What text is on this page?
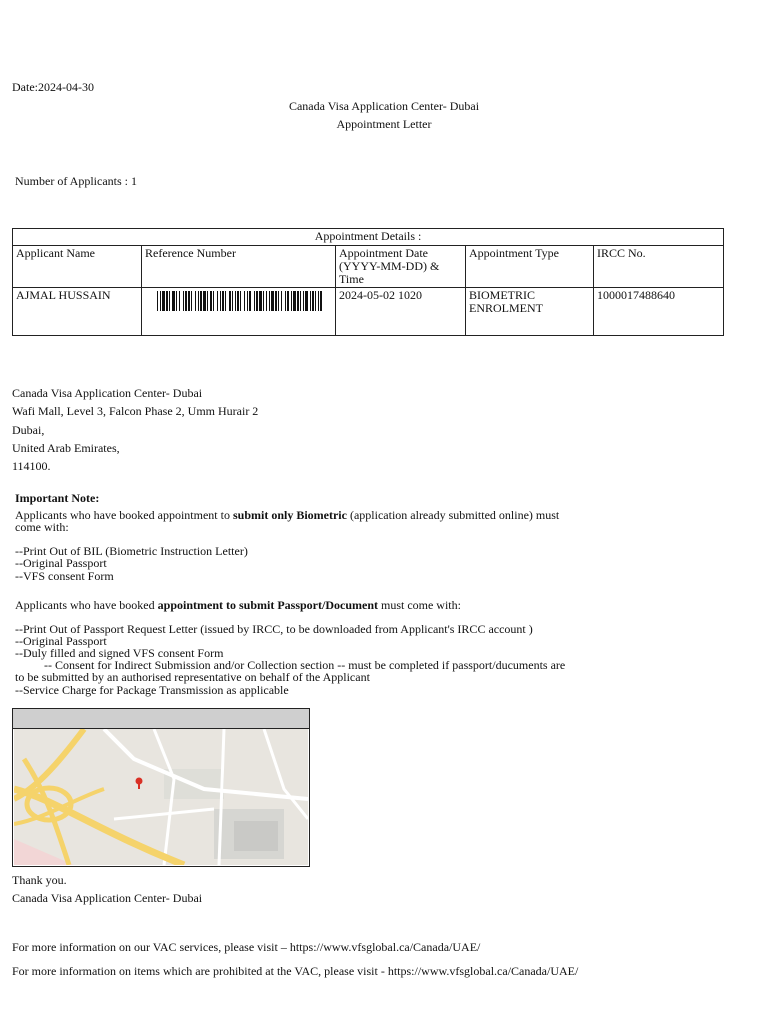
Date:2024-04-30
Canada Visa Application Center- Dubai
Appointment Letter
Number of Applicants : 1
Appointment Details :				
Applicant Name	Reference Number	Appointment Date (YYYY-MM-DD) & Time	Appointment Type	IRCC No.
AJMAL HUSSAIN		2024-05-02 1020	BIOMETRIC ENROLMENT	1000017488640
Canada Visa Application Center- Dubai
Wafi Mall, Level 3, Falcon Phase 2, Umm Hurair 2
Dubai,
United Arab Emirates,
114100.
Important Note:
Applicants who have booked appointment to submit only Biometric (application already submitted online) must
come with:
--Print Out of BIL (Biometric Instruction Letter)
--Original Passport
--VFS consent Form
Applicants who have booked appointment to submit Passport/Document must come with:
--Print Out of Passport Request Letter (issued by IRCC, to be downloaded from Applicant's IRCC account )
--Original Passport
--Duly filled and signed VFS consent Form
-- Consent for Indirect Submission and/or Collection section -- must be completed if passport/ducuments are
to be submitted by an authorised representative on behalf of the Applicant
--Service Charge for Package Transmission as applicable
Thank you.
Canada Visa Application Center- Dubai
For more information on our VAC services, please visit – https://www.vfsglobal.ca/Canada/UAE/
For more information on items which are prohibited at the VAC, please visit - https://www.vfsglobal.ca/Canada/UAE/
